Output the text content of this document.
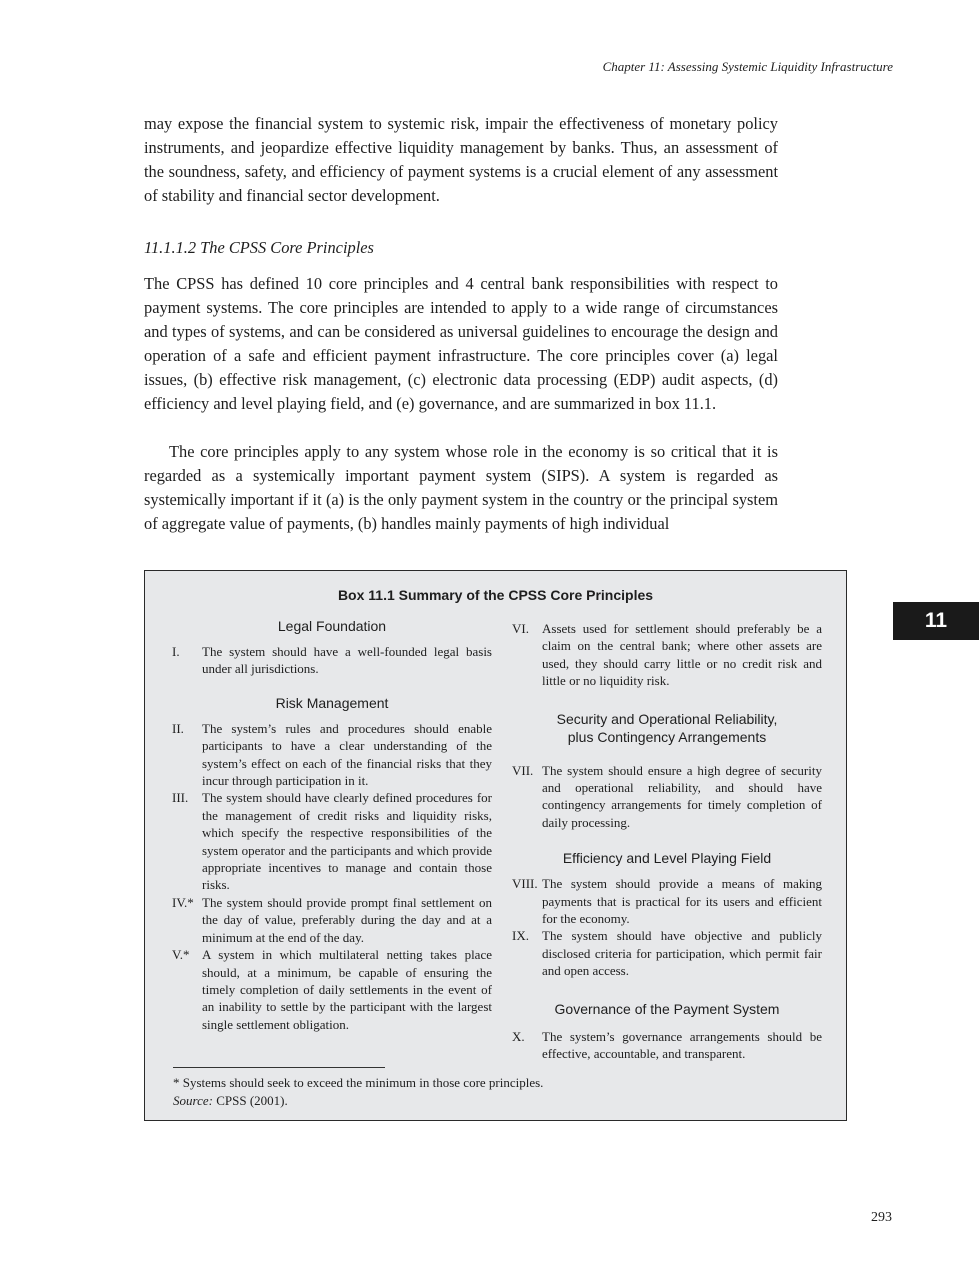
Chapter 11: Assessing Systemic Liquidity Infrastructure

may expose the financial system to systemic risk, impair the effectiveness of monetary policy instruments, and jeopardize effective liquidity management by banks. Thus, an assessment of the soundness, safety, and efficiency of payment systems is a crucial element of any assessment of stability and financial sector development.

11.1.1.2 The CPSS Core Principles

The CPSS has defined 10 core principles and 4 central bank responsibilities with respect to payment systems. The core principles are intended to apply to a wide range of circumstances and types of systems, and can be considered as universal guidelines to encourage the design and operation of a safe and efficient payment infrastructure. The core principles cover (a) legal issues, (b) effective risk management, (c) electronic data processing (EDP) audit aspects, (d) efficiency and level playing field, and (e) governance, and are summarized in box 11.1.

The core principles apply to any system whose role in the economy is so critical that it is regarded as a systemically important payment system (SIPS). A system is regarded as systemically important if it (a) is the only payment system in the country or the principal system of aggregate value of payments, (b) handles mainly payments of high individual

11
Box 11.1 Summary of the CPSS Core Principles

Legal Foundation

I.	The system should have a well-founded legal basis under all jurisdictions.

Risk Management

II.	The system’s rules and procedures should enable participants to have a clear understanding of the system’s effect on each of the financial risks that they incur through participation in it.
III.	The system should have clearly defined procedures for the management of credit risks and liquidity risks, which specify the respective responsibilities of the system operator and the participants and which provide appropriate incentives to manage and contain those risks.
IV.* The system should provide prompt final settlement on the day of value, preferably during the day and at a minimum at the end of the day.
V.* A system in which multilateral netting takes place should, at a minimum, be capable of ensuring the timely completion of daily settlements in the event of an inability to settle by the participant with the largest single settlement obligation.
VI.	Assets used for settlement should preferably be a claim on the central bank; where other assets are used, they should carry little or no credit risk and little or no liquidity risk.

Security and Operational Reliability,

plus Contingency Arrangements

VII. The system should ensure a high degree of security and operational reliability, and should have contingency arrangements for timely completion of daily processing.

Efficiency and Level Playing Field

VIII. The system should provide a means of making payments that is practical for its users and efficient for the economy.
IX.	The system should have objective and publicly disclosed criteria for participation, which permit fair and open access.

Governance of the Payment System

X.	The system’s governance arrangements should be effective, accountable, and transparent.

* Systems should seek to exceed the minimum in those core principles.

Source: CPSS (2001).

293
